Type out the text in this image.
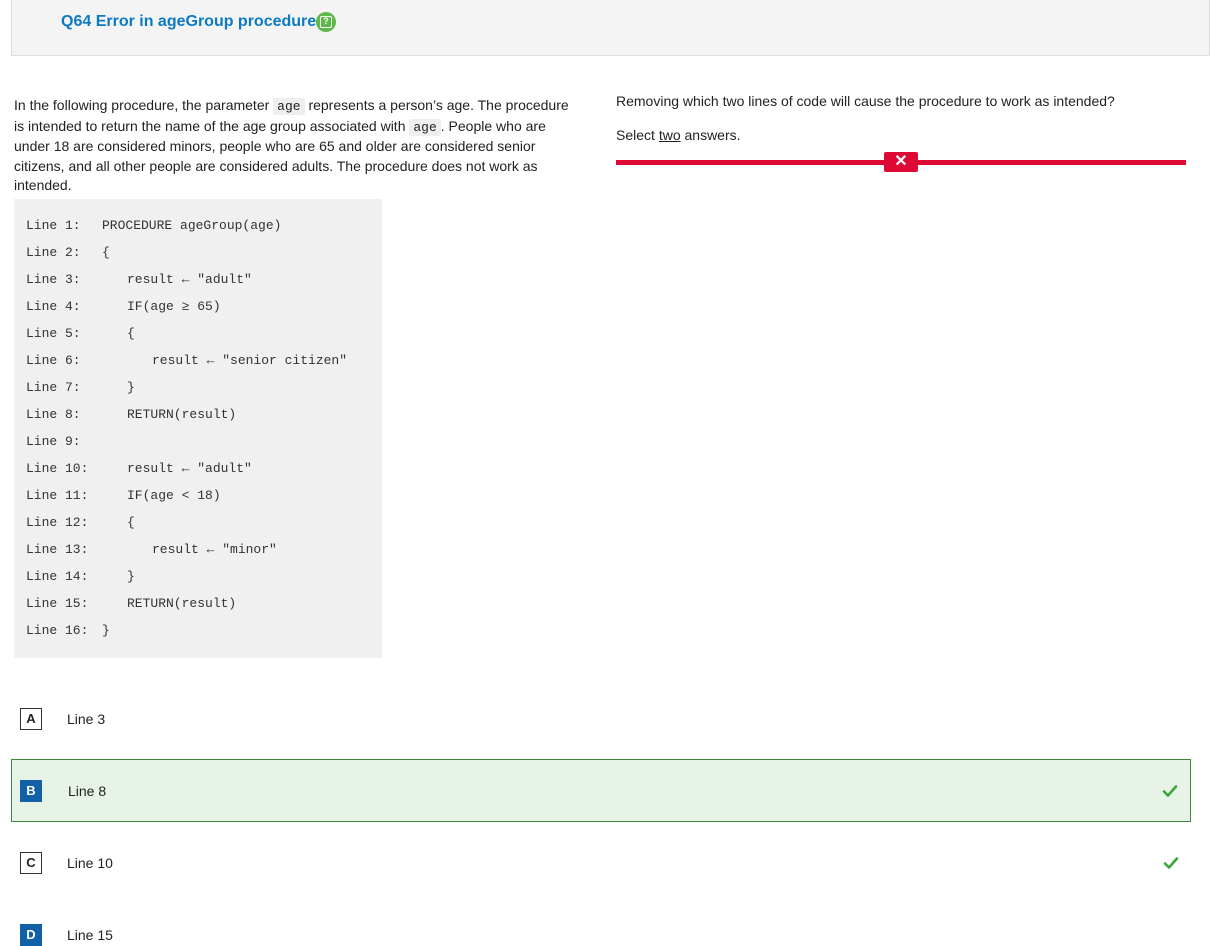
Q64 Error in ageGroup procedure ?
In the following procedure, the parameter age represents a person’s age. The procedure is intended to return the name of the age group associated with age . People who are under 18 are considered minors, people who are 65 and older are considered senior citizens, and all other people are considered adults. The procedure does not work as intended.
Line 1: PROCEDURE ageGroup(age)
Line 2: {
Line 3:	result ← "adult"
Line 4:	IF(age ≥ 65)
Line 5:	{
Line 6:	result ← "senior citizen"
Line 7:	}
Line 8:	RETURN(result)
Line 9:
Line 10:	result ← "adult"
Line 11:	IF(age < 18)
Line 12:	{
Line 13:	result ← "minor"
Line 14:	}
Line 15:	RETURN(result)
Line 16: }
Removing which two lines of code will cause the procedure to work as intended?
Select two answers.
✕
A	Line 3
B	Line 8
C	Line 10
D	Line 15
